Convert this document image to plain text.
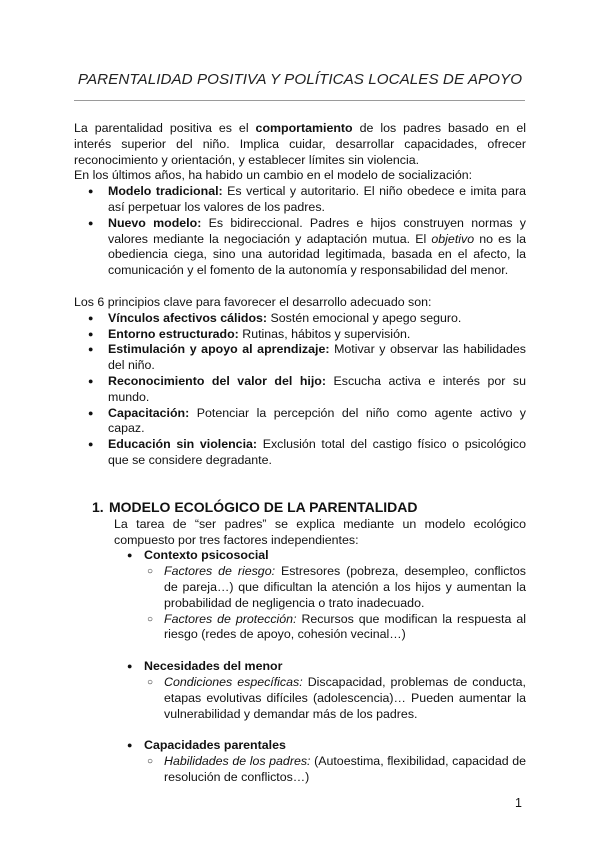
PARENTALIDAD POSITIVA Y POLÍTICAS LOCALES DE APOYO

La parentalidad positiva es el comportamiento de los padres basado en el interés superior del niño. Implica cuidar, desarrollar capacidades, ofrecer reconocimiento y orientación, y establecer límites sin violencia.

En los últimos años, ha habido un cambio en el modelo de socialización:

● Modelo tradicional: Es vertical y autoritario. El niño obedece e imita para así perpetuar los valores de los padres.
● Nuevo modelo: Es bidireccional. Padres e hijos construyen normas y valores mediante la negociación y adaptación mutua. El objetivo no es la obediencia ciega, sino una autoridad legitimada, basada en el afecto, la comunicación y el fomento de la autonomía y responsabilidad del menor.

Los 6 principios clave para favorecer el desarrollo adecuado son:

● Vínculos afectivos cálidos: Sostén emocional y apego seguro.
● Entorno estructurado: Rutinas, hábitos y supervisión.
● Estimulación y apoyo al aprendizaje: Motivar y observar las habilidades del niño.
● Reconocimiento del valor del hijo: Escucha activa e interés por su mundo.
● Capacitación: Potenciar la percepción del niño como agente activo y capaz.
● Educación sin violencia: Exclusión total del castigo físico o psicológico que se considere degradante.
1. MODELO ECOLÓGICO DE LA PARENTALIDAD

La tarea de “ser padres” se explica mediante un modelo ecológico compuesto por tres factores independientes:

● Contexto psicosocial
○ Factores de riesgo: Estresores (pobreza, desempleo, conflictos de pareja…) que dificultan la atención a los hijos y aumentan la probabilidad de negligencia o trato inadecuado.
○ Factores de protección: Recursos que modifican la respuesta al riesgo (redes de apoyo, cohesión vecinal…)
● Necesidades del menor
○ Condiciones específicas: Discapacidad, problemas de conducta, etapas evolutivas difíciles (adolescencia)… Pueden aumentar la vulnerabilidad y demandar más de los padres.
● Capacidades parentales
○ Habilidades de los padres: (Autoestima, flexibilidad, capacidad de resolución de conflictos…)
1
